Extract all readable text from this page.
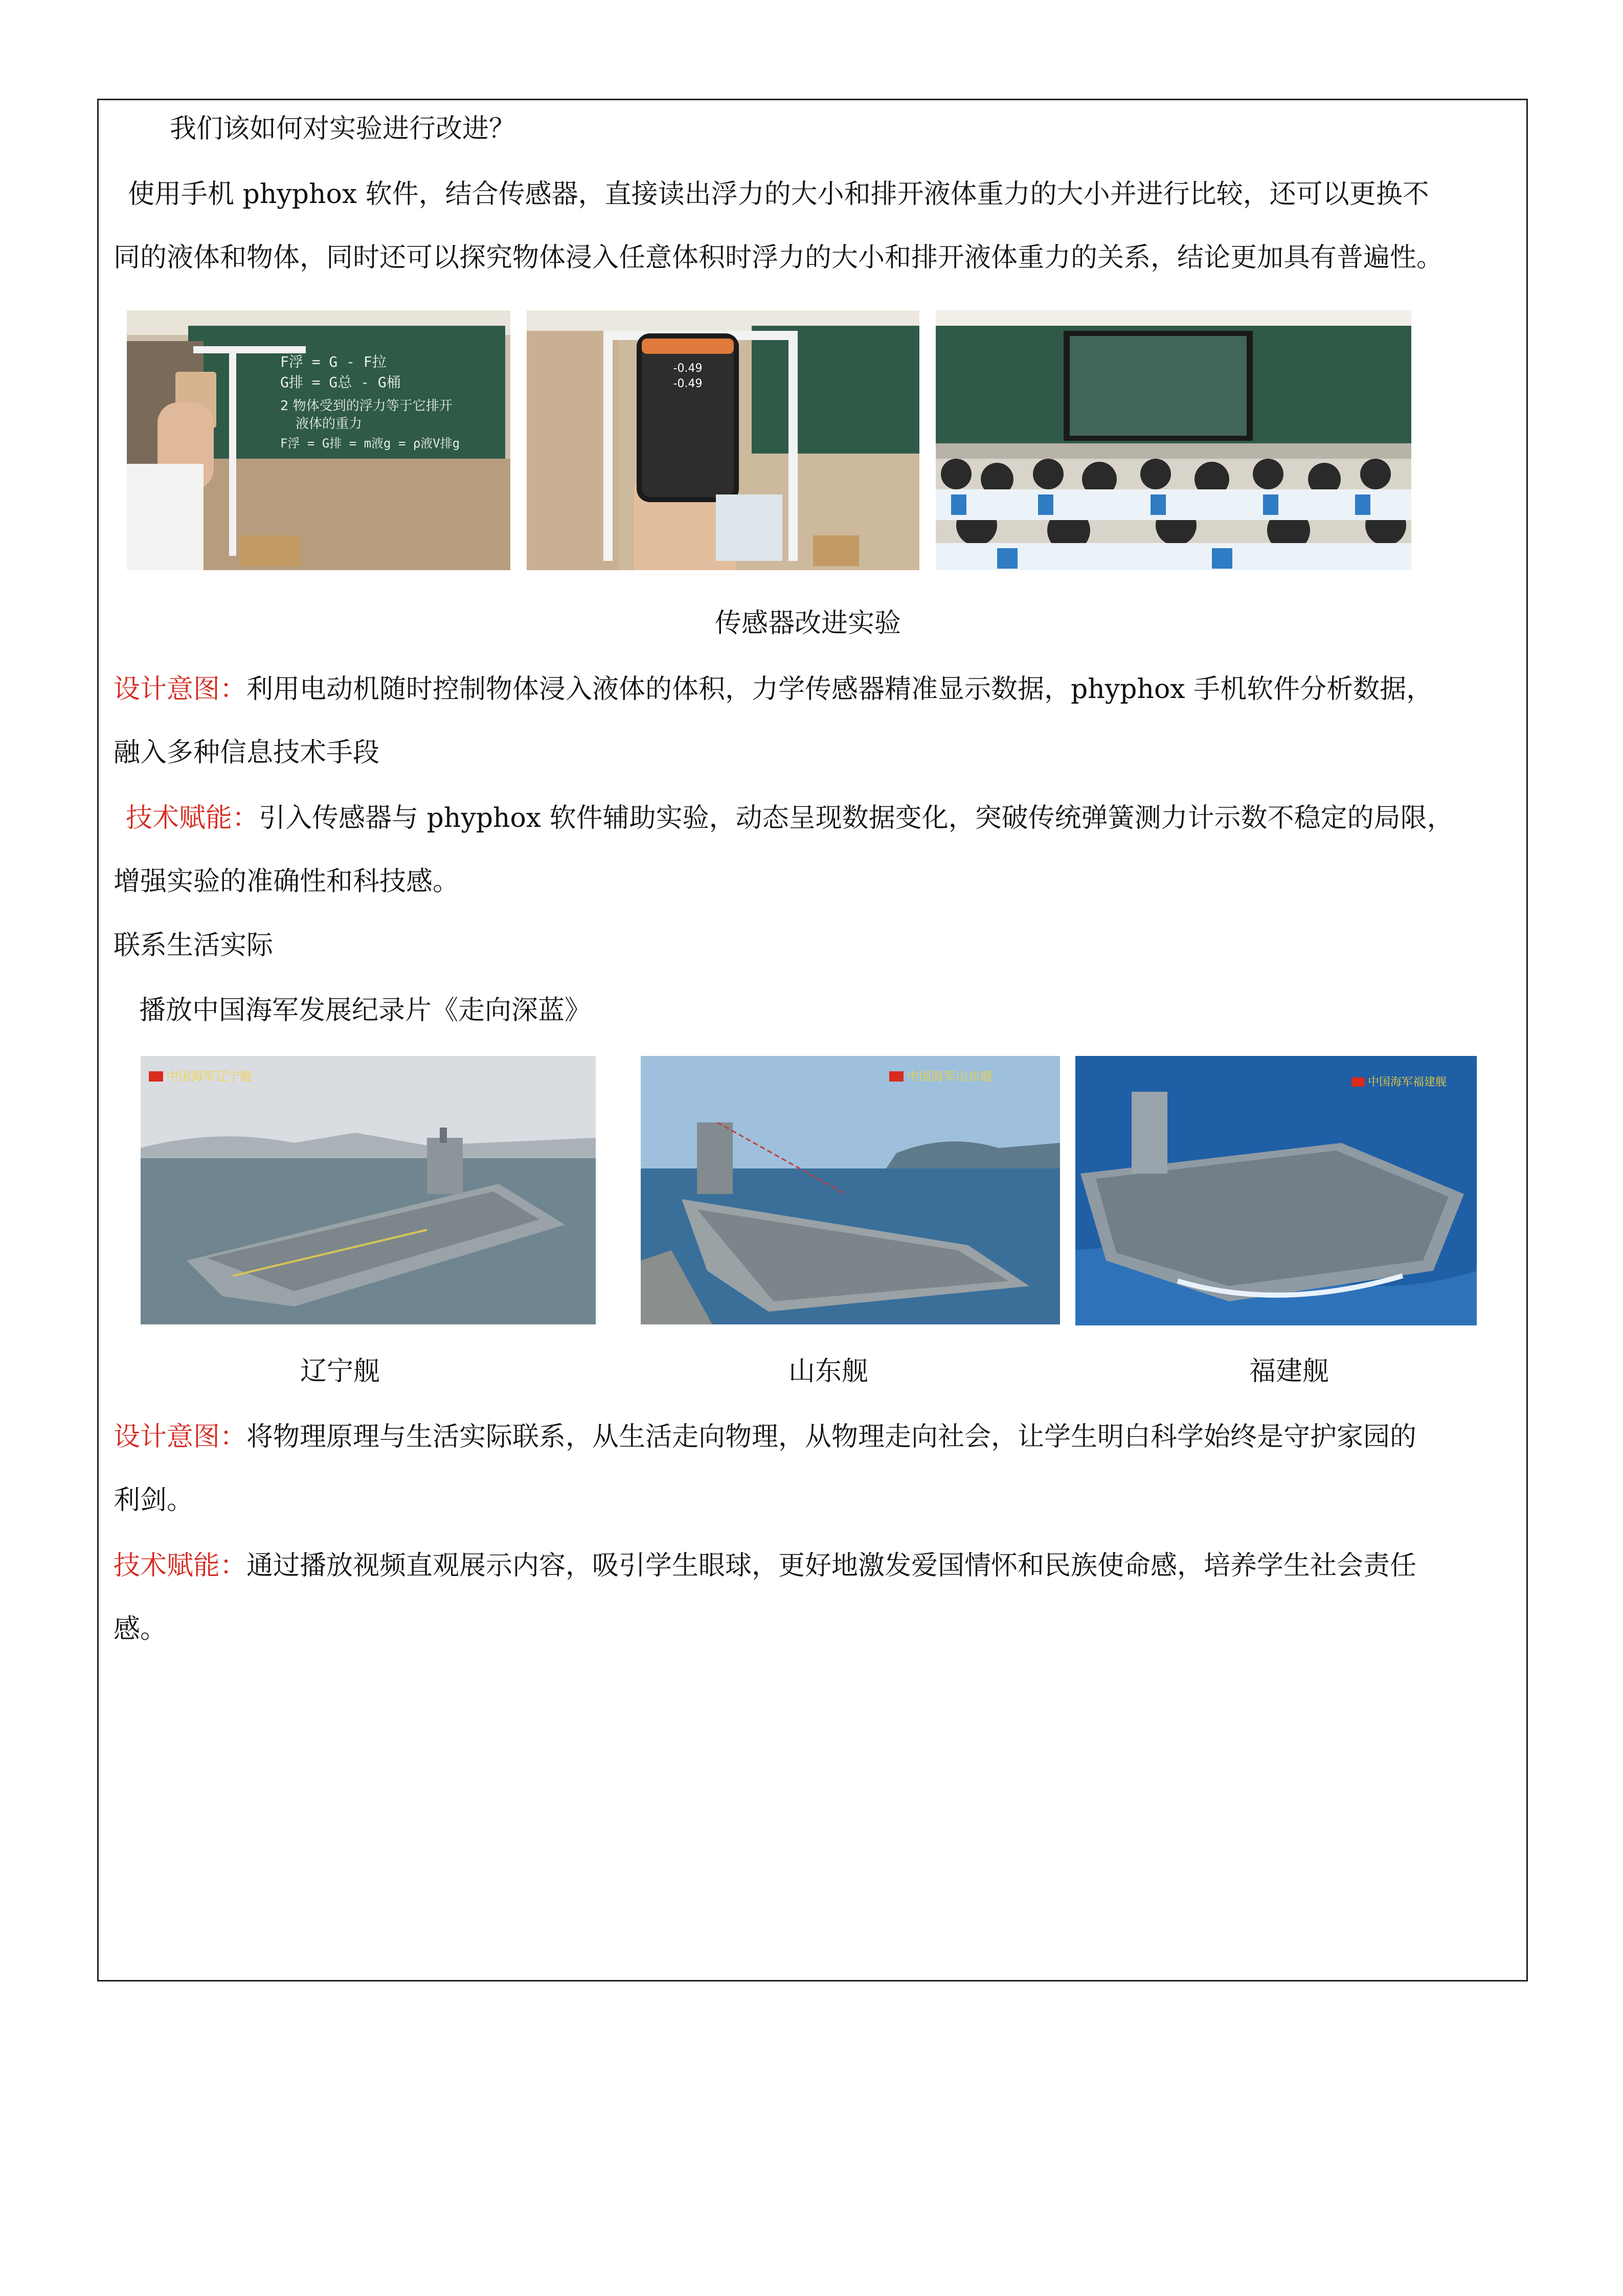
我们该如何对实验进行改进？
使用手机 phyphox 软件，结合传感器，直接读出浮力的大小和排开液体重力的大小并进行比较，还可以更换不
同的液体和物体，同时还可以探究物体浸入任意体积时浮力的大小和排开液体重力的关系，结论更加具有普遍性。
F浮 = G - F拉
G排 = G总 - G桶
2 物体受到的浮力等于它排开
液体的重力
F浮 = G排 = m液g = ρ液V排g
-0.49
-0.49
传感器改进实验
设计意图：利用电动机随时控制物体浸入液体的体积，力学传感器精准显示数据，phyphox 手机软件分析数据，
融入多种信息技术手段
技术赋能：引入传感器与 phyphox 软件辅助实验，动态呈现数据变化，突破传统弹簧测力计示数不稳定的局限，
增强实验的准确性和科技感。
联系生活实际
播放中国海军发展纪录片《走向深蓝》
中国海军辽宁舰	中国海军山东舰	中国海军福建舰
辽宁舰	山东舰	福建舰
设计意图：将物理原理与生活实际联系，从生活走向物理，从物理走向社会，让学生明白科学始终是守护家园的
利剑。
技术赋能：通过播放视频直观展示内容，吸引学生眼球，更好地激发爱国情怀和民族使命感，培养学生社会责任
感。
